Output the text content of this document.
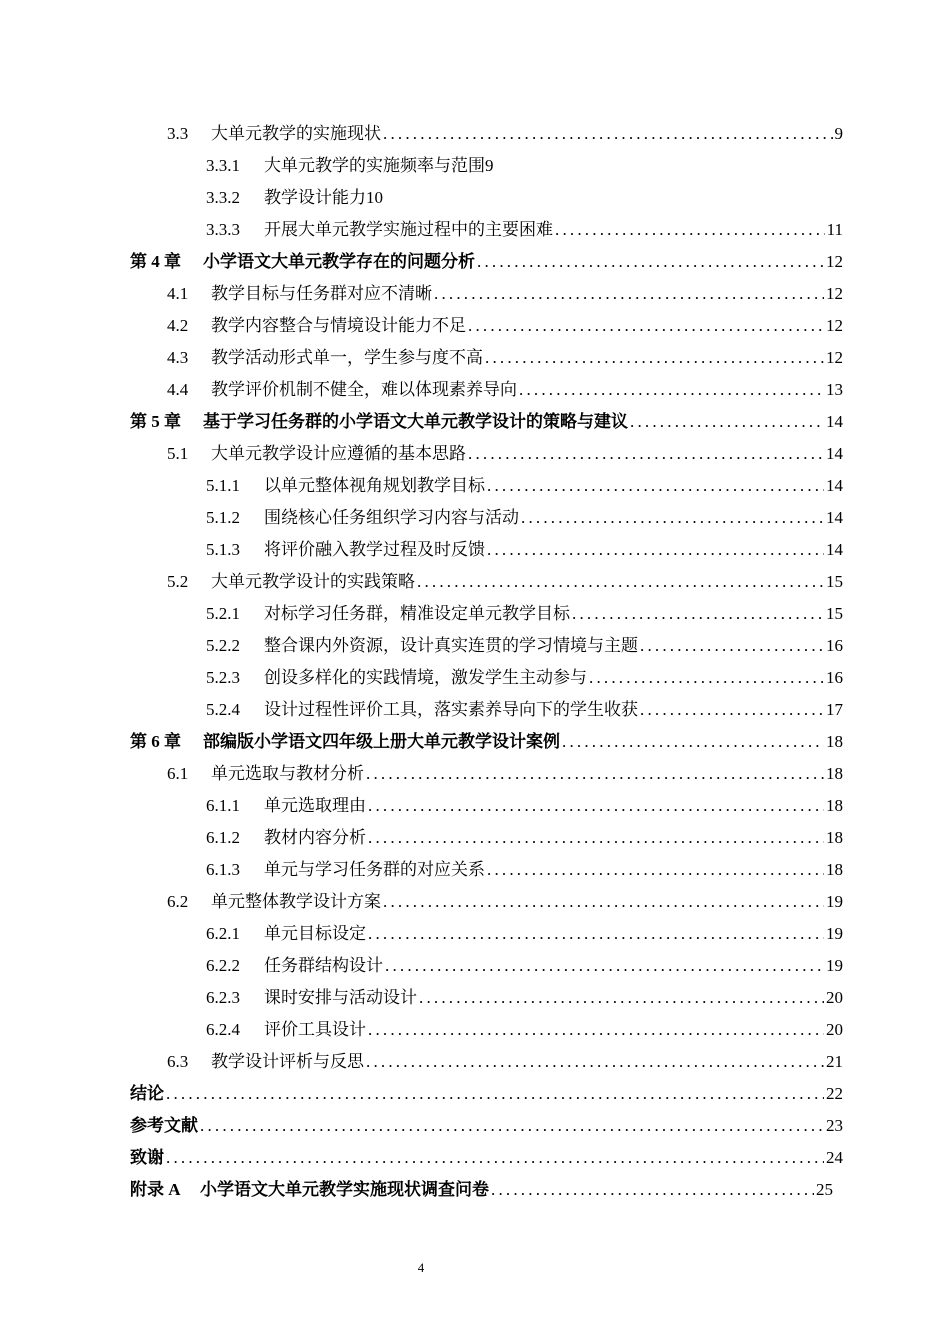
3.3	大单元教学的实施现状 .....	9
3.3.1	大单元教学的实施频率与范围9
3.3.2	教学设计能力10
3.3.3	开展大单元教学实施过程中的主要困难 .....	11
第 4 章	小学语文大单元教学存在的问题分析 .....	12
4.1	教学目标与任务群对应不清晰 .....	12
4.2	教学内容整合与情境设计能力不足 .....	12
4.3	教学活动形式单一，学生参与度不高 .....	12
4.4	教学评价机制不健全，难以体现素养导向 .....	13
第 5 章	基于学习任务群的小学语文大单元教学设计的策略与建议 .....	14
5.1	大单元教学设计应遵循的基本思路 .....	14
5.1.1	以单元整体视角规划教学目标 .....	14
5.1.2	围绕核心任务组织学习内容与活动 .....	14
5.1.3	将评价融入教学过程及时反馈 .....	14
5.2	大单元教学设计的实践策略 .....	15
5.2.1	对标学习任务群，精准设定单元教学目标 .....	15
5.2.2	整合课内外资源，设计真实连贯的学习情境与主题 .....	16
5.2.3	创设多样化的实践情境，激发学生主动参与 .....	16
5.2.4	设计过程性评价工具，落实素养导向下的学生收获 .....	17
第 6 章	部编版小学语文四年级上册大单元教学设计案例 .....	18
6.1	单元选取与教材分析 .....	18
6.1.1	单元选取理由 .....	18
6.1.2	教材内容分析 .....	18
6.1.3	单元与学习任务群的对应关系 .....	18
6.2	单元整体教学设计方案 .....	19
6.2.1	单元目标设定 .....	19
6.2.2	任务群结构设计 .....	19
6.2.3	课时安排与活动设计 .....	20
6.2.4	评价工具设计 .....	20
6.3	教学设计评析与反思 .....	21
结论 .....	22
参考文献 .....	23
致谢 .....	24
附录 A	小学语文大单元教学实施现状调查问卷 .....	25
4
